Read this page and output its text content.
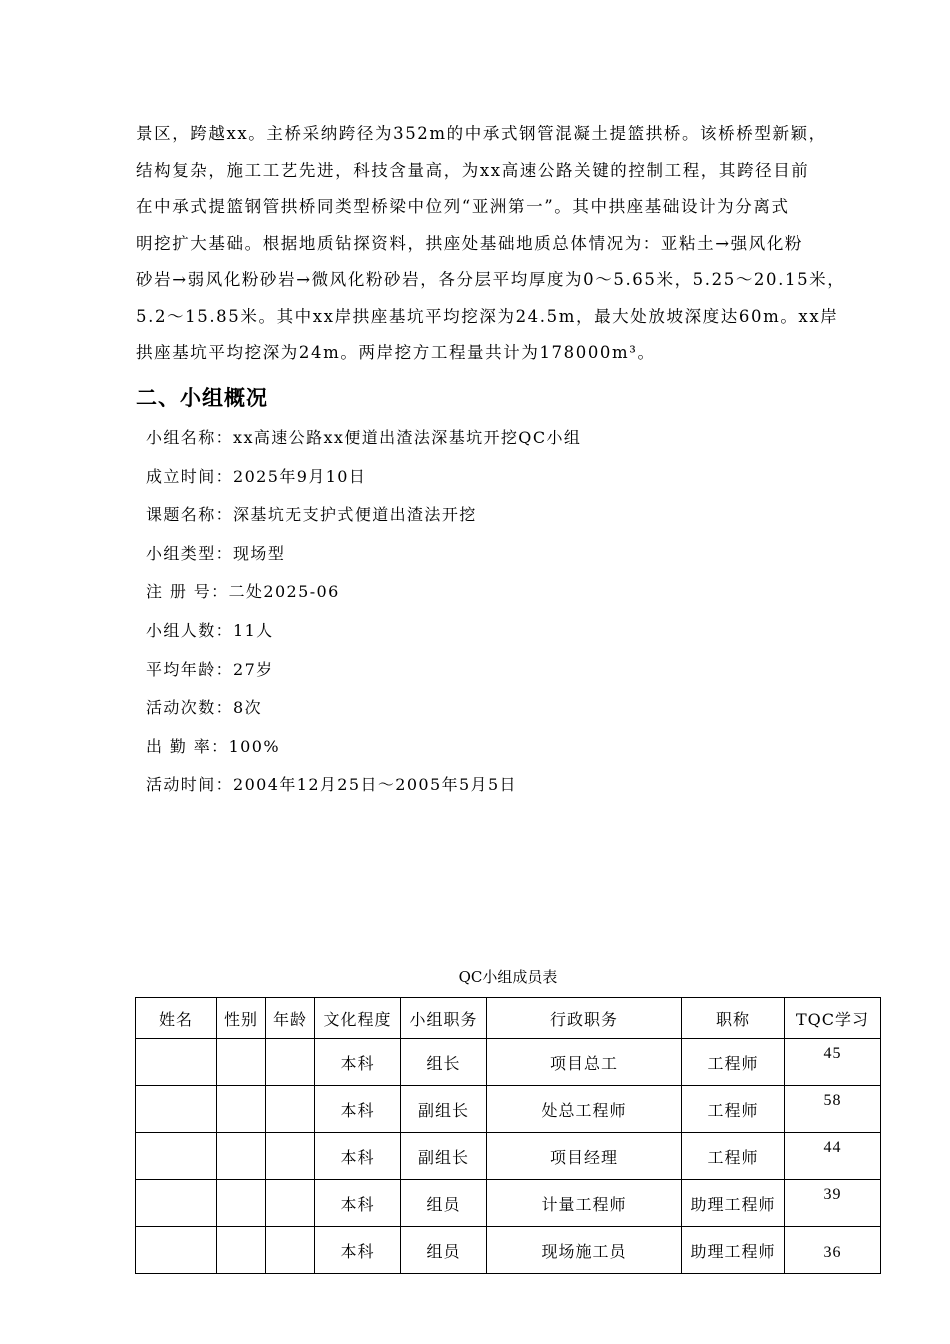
景区，跨越xx。主桥采纳跨径为352m的中承式钢管混凝土提篮拱桥。该桥桥型新颖，
结构复杂，施工工艺先进，科技含量高，为xx高速公路关键的控制工程，其跨径目前
在中承式提篮钢管拱桥同类型桥梁中位列“亚洲第一”。其中拱座基础设计为分离式
明挖扩大基础。根据地质钻探资料，拱座处基础地质总体情况为：亚粘土→强风化粉
砂岩→弱风化粉砂岩→微风化粉砂岩，各分层平均厚度为0～5.65米，5.25～20.15米，
5.2～15.85米。其中xx岸拱座基坑平均挖深为24.5m，最大处放坡深度达60m。xx岸
拱座基坑平均挖深为24m。两岸挖方工程量共计为178000m³。
二、小组概况
小组名称：xx高速公路xx便道出渣法深基坑开挖QC小组
成立时间：2025年9月10日
课题名称：深基坑无支护式便道出渣法开挖
小组类型：现场型
注 册 号：二处2025-06
小组人数：11人
平均年龄：27岁
活动次数：8次
出 勤 率：100%
活动时间：2004年12月25日～2005年5月5日
QC小组成员表
姓名	性别	年龄	文化程度	小组职务	行政职务	职称	TQC学习
			本科	组长	项目总工	工程师	45
			本科	副组长	处总工程师	工程师	58
			本科	副组长	项目经理	工程师	44
			本科	组员	计量工程师	助理工程师	39
			本科	组员	现场施工员	助理工程师	36
